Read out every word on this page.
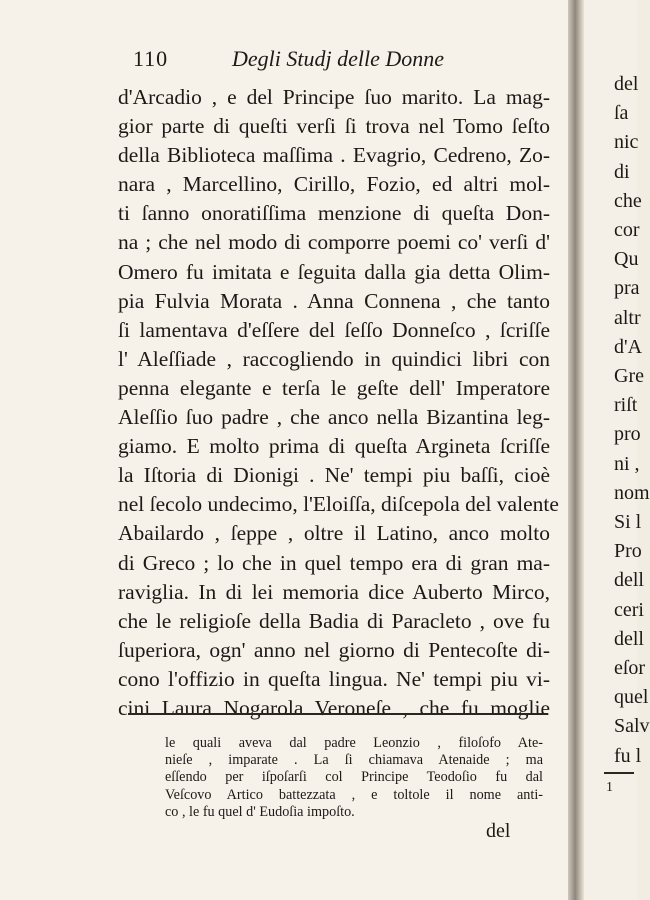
110	Degli Studj delle Donne
d'Arcadio , e del Principe ſuo marito. La mag-
gior parte di queſti verſi ſi trova nel Tomo ſeſto
della Biblioteca maſſima . Evagrio, Cedreno, Zo-
nara , Marcellino, Cirillo, Fozio, ed altri mol-
ti ſanno onoratiſſima menzione di queſta Don-
na ; che nel modo di comporre poemi co' verſi d'
Omero fu imitata e ſeguita dalla gia detta Olim-
pia Fulvia Morata . Anna Connena , che tanto
ſi lamentava d'eſſere del ſeſſo Donneſco , ſcriſſe
l' Aleſſiade , raccogliendo in quindici libri con
penna elegante e terſa le geſte dell' Imperatore
Aleſſio ſuo padre , che anco nella Bizantina leg-
giamo. E molto prima di queſta Argineta ſcriſſe
la Iſtoria di Dionigi . Ne' tempi piu baſſi, cioè
nel ſecolo undecimo, l'Eloiſſa, diſcepola del valente
Abailardo , ſeppe , oltre il Latino, anco molto
di Greco ; lo che in quel tempo era di gran ma-
raviglia. In di lei memoria dice Auberto Mirco,
che le religioſe della Badia di Paracleto , ove fu
ſuperiora, ogn' anno nel giorno di Pentecoſte di-
cono l'offizio in queſta lingua. Ne' tempi piu vi-
cini Laura Nogarola Veroneſe , che fu moglie
le quali aveva dal padre Leonzio , filoſofo Ate-
nieſe , imparate . La ſi chiamava Atenaide ; ma
eſſendo per iſpoſarſi col Principe Teodoſio fu dal
Veſcovo Artico battezzata , e toltole il nome anti-
co , le fu quel d' Eudoſia impoſto.
del
del
ſa
nic
di
che
cor
Qu
pra
altr
d'A
Gre
riſt
pro
ni ,
nom
Si l
Pro
dell
ceri
dell
eſor
quel
Salv
fu l
1
